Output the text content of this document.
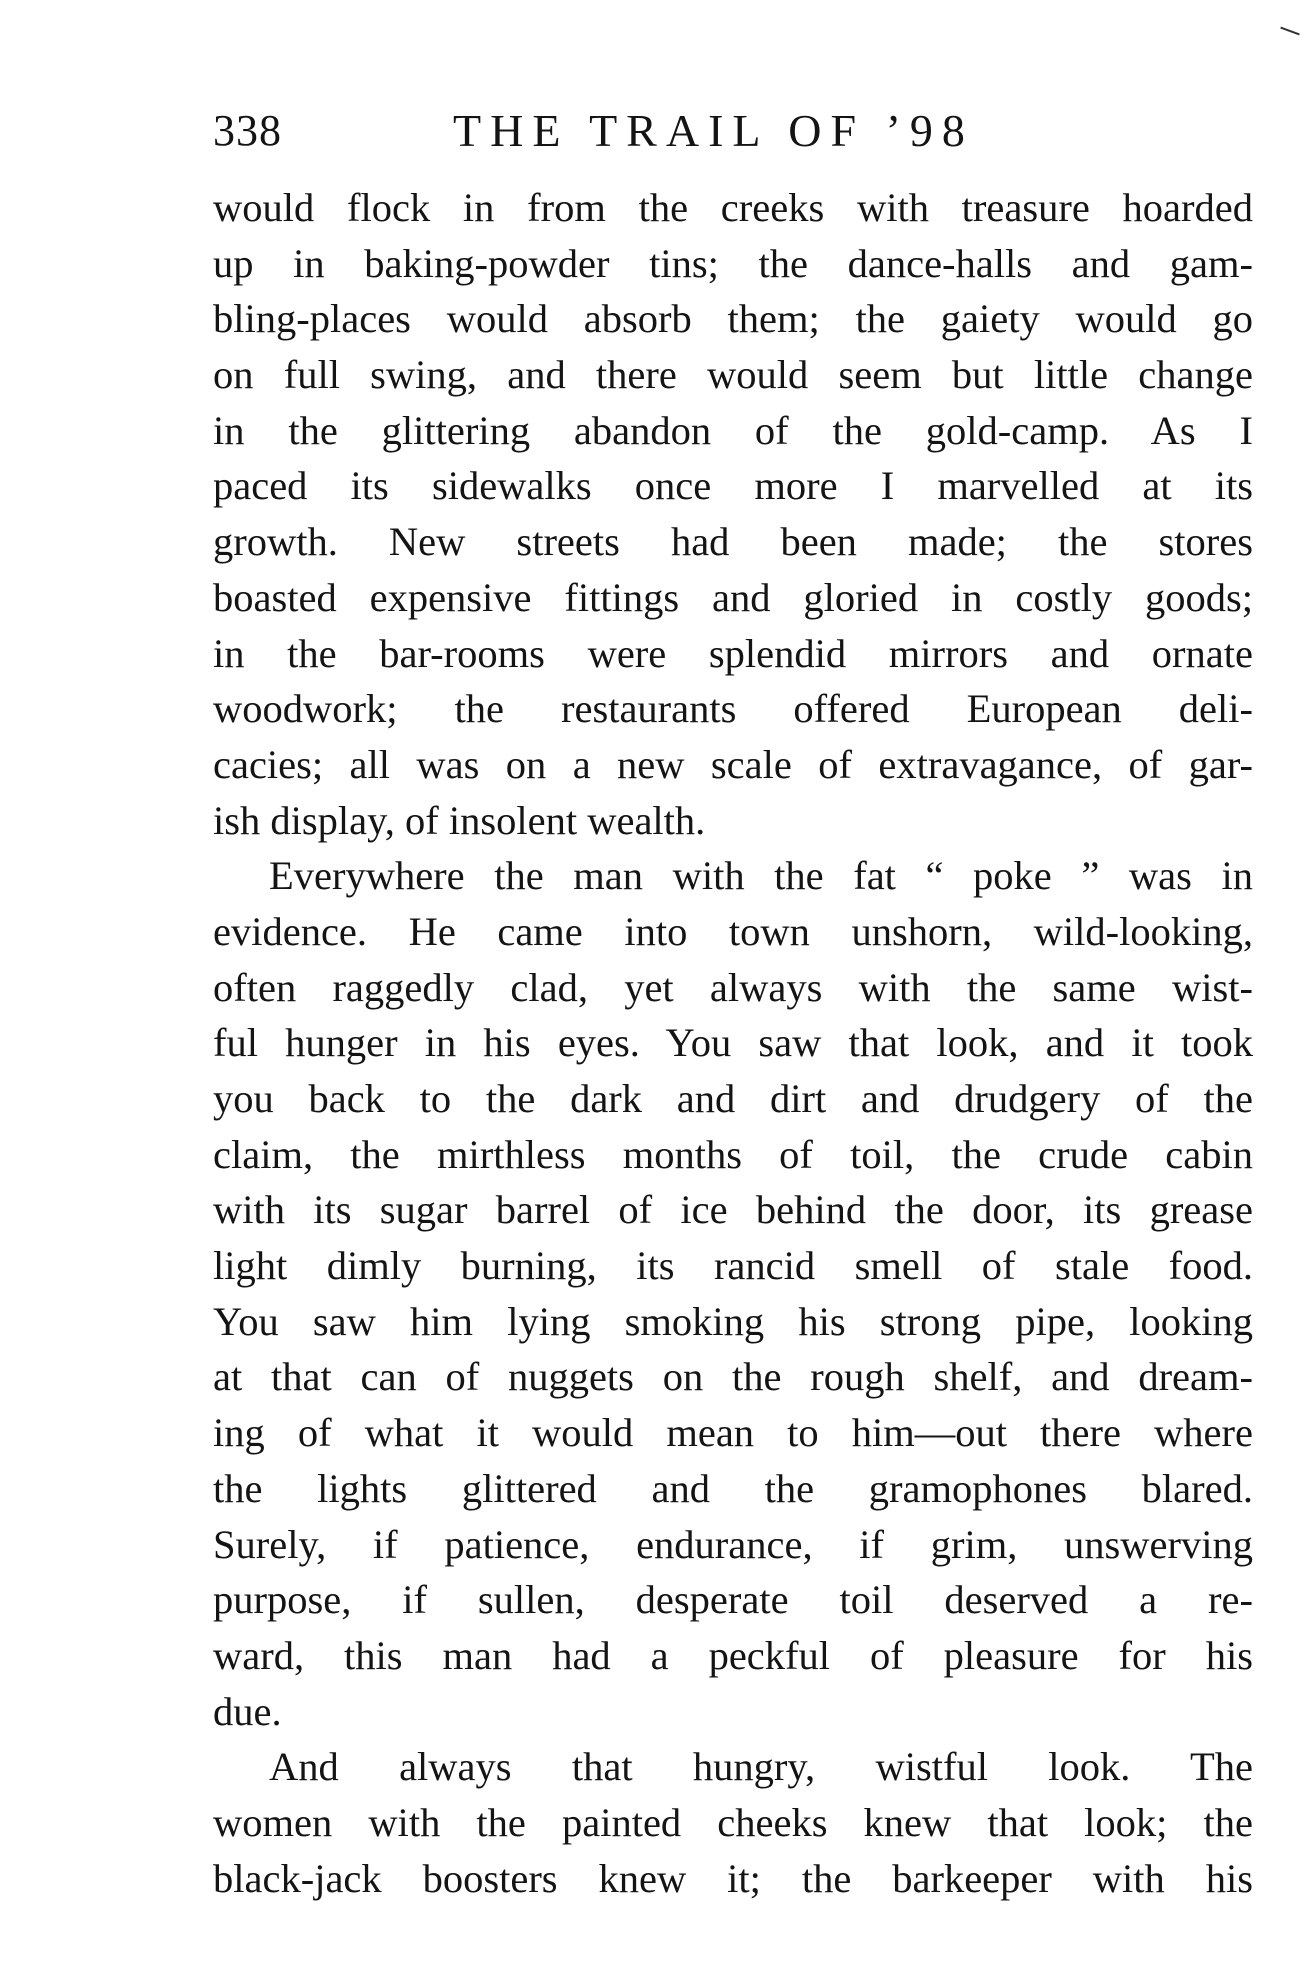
338	THE TRAIL OF ’98
would flock in from the creeks with treasure hoarded
up in baking-powder tins; the dance-halls and gam-
bling-places would absorb them; the gaiety would go
on full swing, and there would seem but little change
in the glittering abandon of the gold-camp. As I
paced its sidewalks once more I marvelled at its
growth. New streets had been made; the stores
boasted expensive fittings and gloried in costly goods;
in the bar-rooms were splendid mirrors and ornate
woodwork; the restaurants offered European deli-
cacies; all was on a new scale of extravagance, of gar-
ish display, of insolent wealth.
Everywhere the man with the fat “ poke ” was in
evidence. He came into town unshorn, wild-looking,
often raggedly clad, yet always with the same wist-
ful hunger in his eyes. You saw that look, and it took
you back to the dark and dirt and drudgery of the
claim, the mirthless months of toil, the crude cabin
with its sugar barrel of ice behind the door, its grease
light dimly burning, its rancid smell of stale food.
You saw him lying smoking his strong pipe, looking
at that can of nuggets on the rough shelf, and dream-
ing of what it would mean to him—out there where
the lights glittered and the gramophones blared.
Surely, if patience, endurance, if grim, unswerving
purpose, if sullen, desperate toil deserved a re-
ward, this man had a peckful of pleasure for his
due.
And always that hungry, wistful look. The
women with the painted cheeks knew that look; the
black-jack boosters knew it; the barkeeper with his
